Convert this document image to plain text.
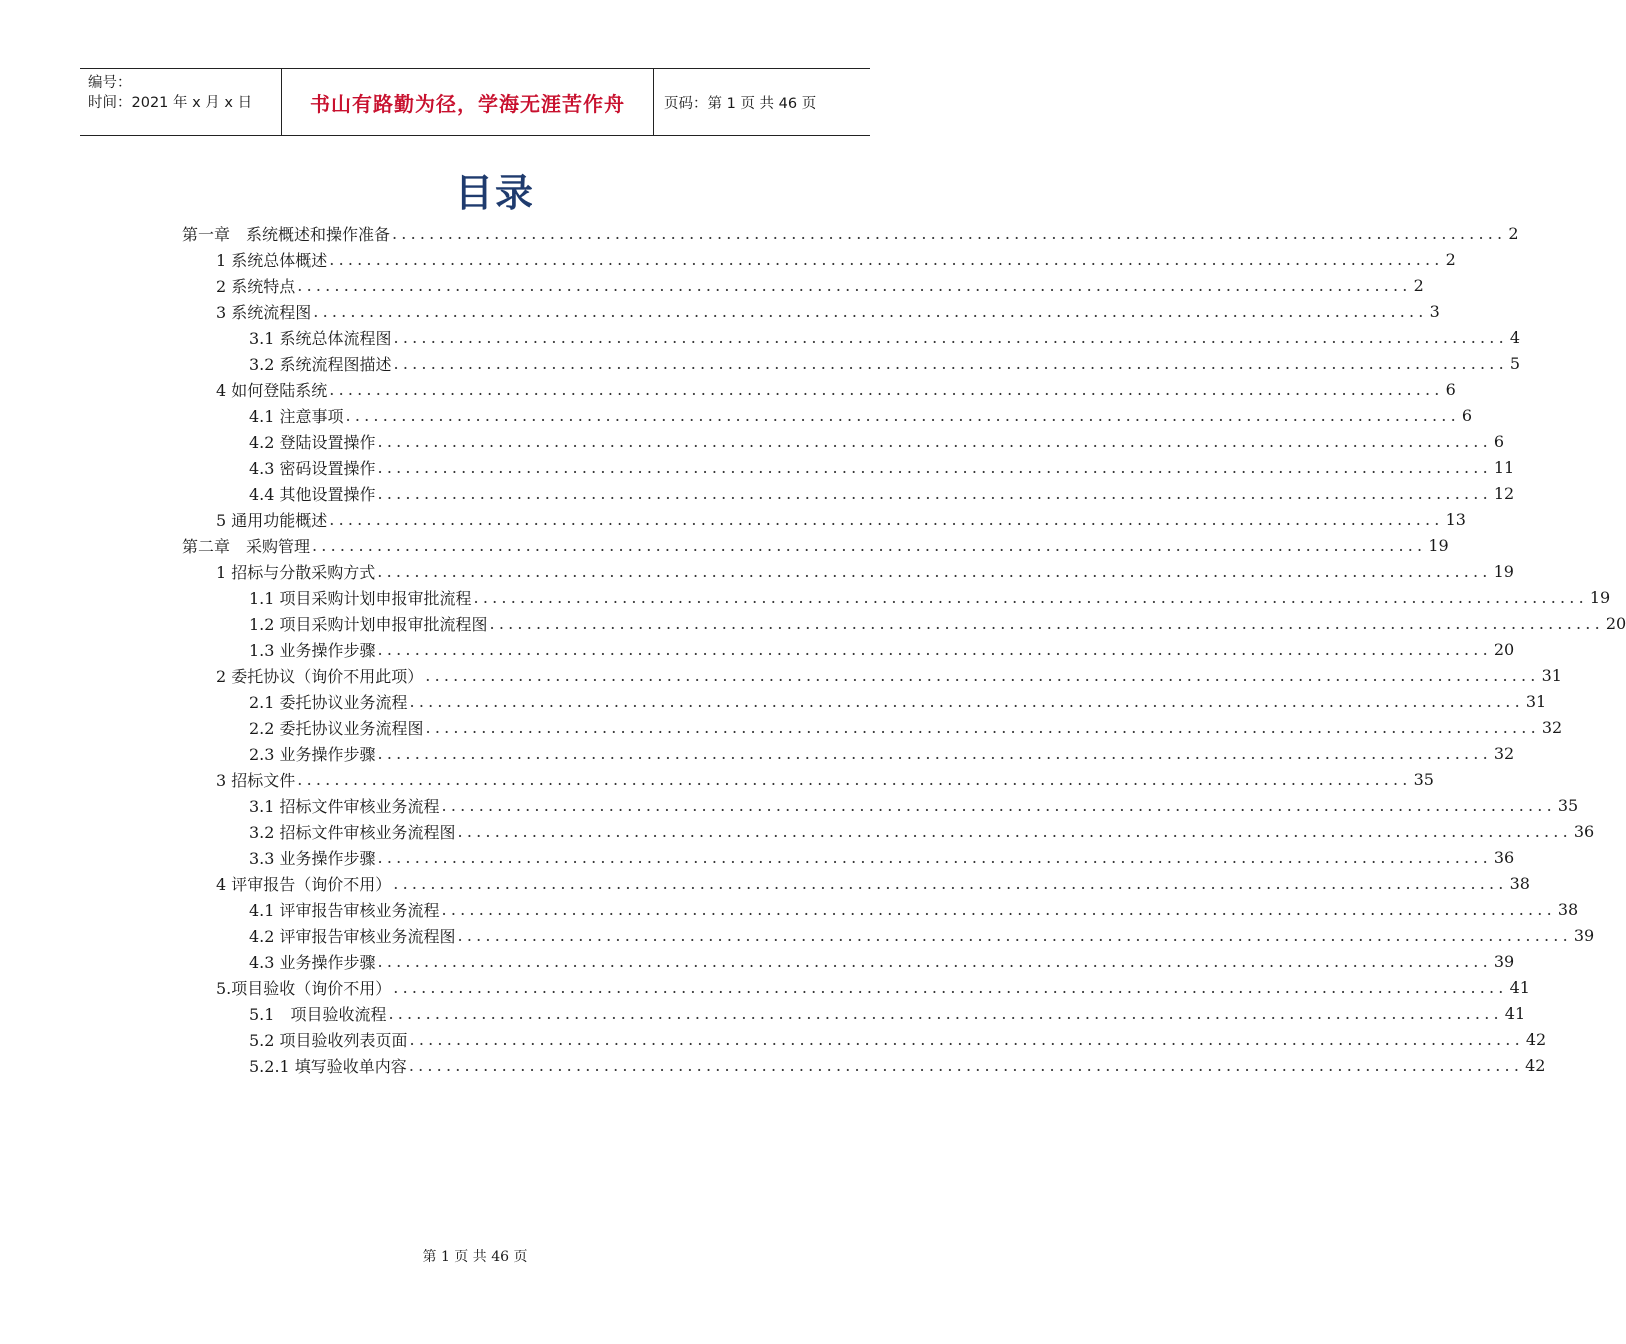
编号：
时间：2021 年 x 月 x 日	书山有路勤为径，学海无涯苦作舟	页码：第 1 页 共 46 页
目录
第一章　系统概述和操作准备 ........................................................................................................................ 2
1 系统总体概述 ........................................................................................................................ 2
2 系统特点 ........................................................................................................................ 2
3 系统流程图 ........................................................................................................................ 3
3.1 系统总体流程图 ........................................................................................................................ 4
3.2 系统流程图描述 ........................................................................................................................ 5
4 如何登陆系统 ........................................................................................................................ 6
4.1 注意事项 ........................................................................................................................ 6
4.2 登陆设置操作 ........................................................................................................................ 6
4.3 密码设置操作 ........................................................................................................................ 11
4.4 其他设置操作 ........................................................................................................................ 12
5 通用功能概述 ........................................................................................................................ 13
第二章　采购管理 ........................................................................................................................ 19
1 招标与分散采购方式 ........................................................................................................................ 19
1.1 项目采购计划申报审批流程 ........................................................................................................................ 19
1.2 项目采购计划申报审批流程图 ........................................................................................................................ 20
1.3 业务操作步骤 ........................................................................................................................ 20
2 委托协议（询价不用此项） ........................................................................................................................ 31
2.1 委托协议业务流程 ........................................................................................................................ 31
2.2 委托协议业务流程图 ........................................................................................................................ 32
2.3 业务操作步骤 ........................................................................................................................ 32
3 招标文件 ........................................................................................................................ 35
3.1 招标文件审核业务流程 ........................................................................................................................ 35
3.2 招标文件审核业务流程图 ........................................................................................................................ 36
3.3 业务操作步骤 ........................................................................................................................ 36
4 评审报告（询价不用） ........................................................................................................................ 38
4.1 评审报告审核业务流程 ........................................................................................................................ 38
4.2 评审报告审核业务流程图 ........................................................................................................................ 39
4.3 业务操作步骤 ........................................................................................................................ 39
5.项目验收（询价不用） ........................................................................................................................ 41
5.1　项目验收流程 ........................................................................................................................ 41
5.2 项目验收列表页面 ........................................................................................................................ 42
5.2.1 填写验收单内容 ........................................................................................................................ 42
第 1 页 共 46 页
